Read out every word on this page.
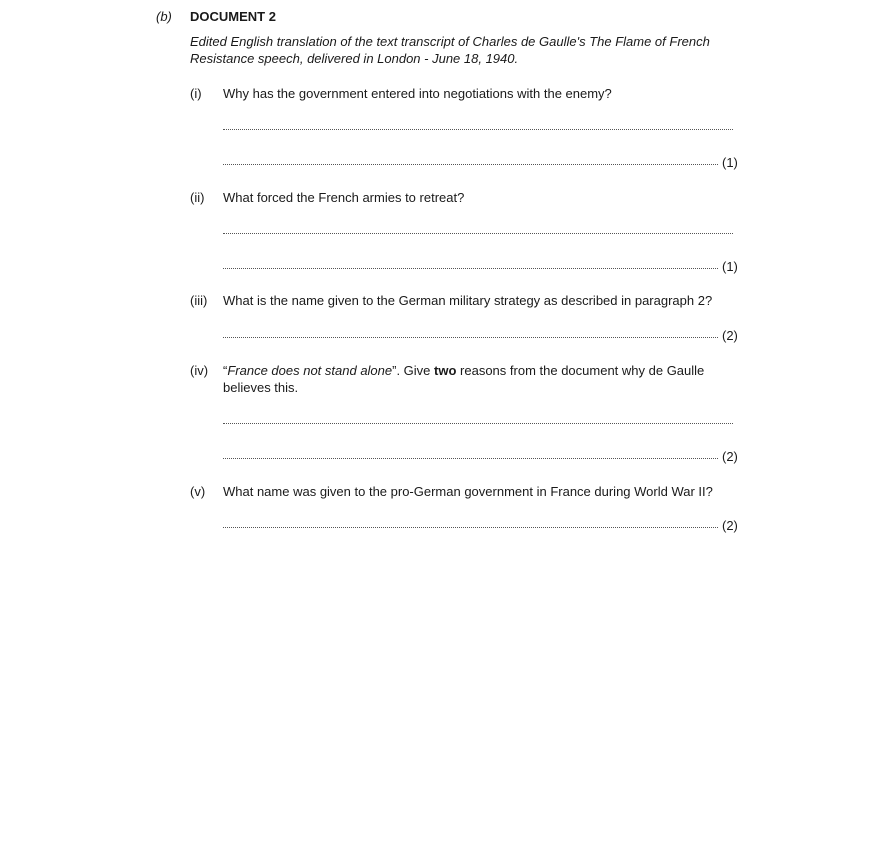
(b) DOCUMENT 2
Edited English translation of the text transcript of Charles de Gaulle's The Flame of French
Resistance speech, delivered in London - June 18, 1940.
(i) Why has the government entered into negotiations with the enemy?
(1)
(ii) What forced the French armies to retreat?
(1)
(iii) What is the name given to the German military strategy as described in paragraph 2?
(2)
(iv) “France does not stand alone”. Give two reasons from the document why de Gaulle
believes this.
(2)
(v) What name was given to the pro-German government in France during World War II?
(2)
